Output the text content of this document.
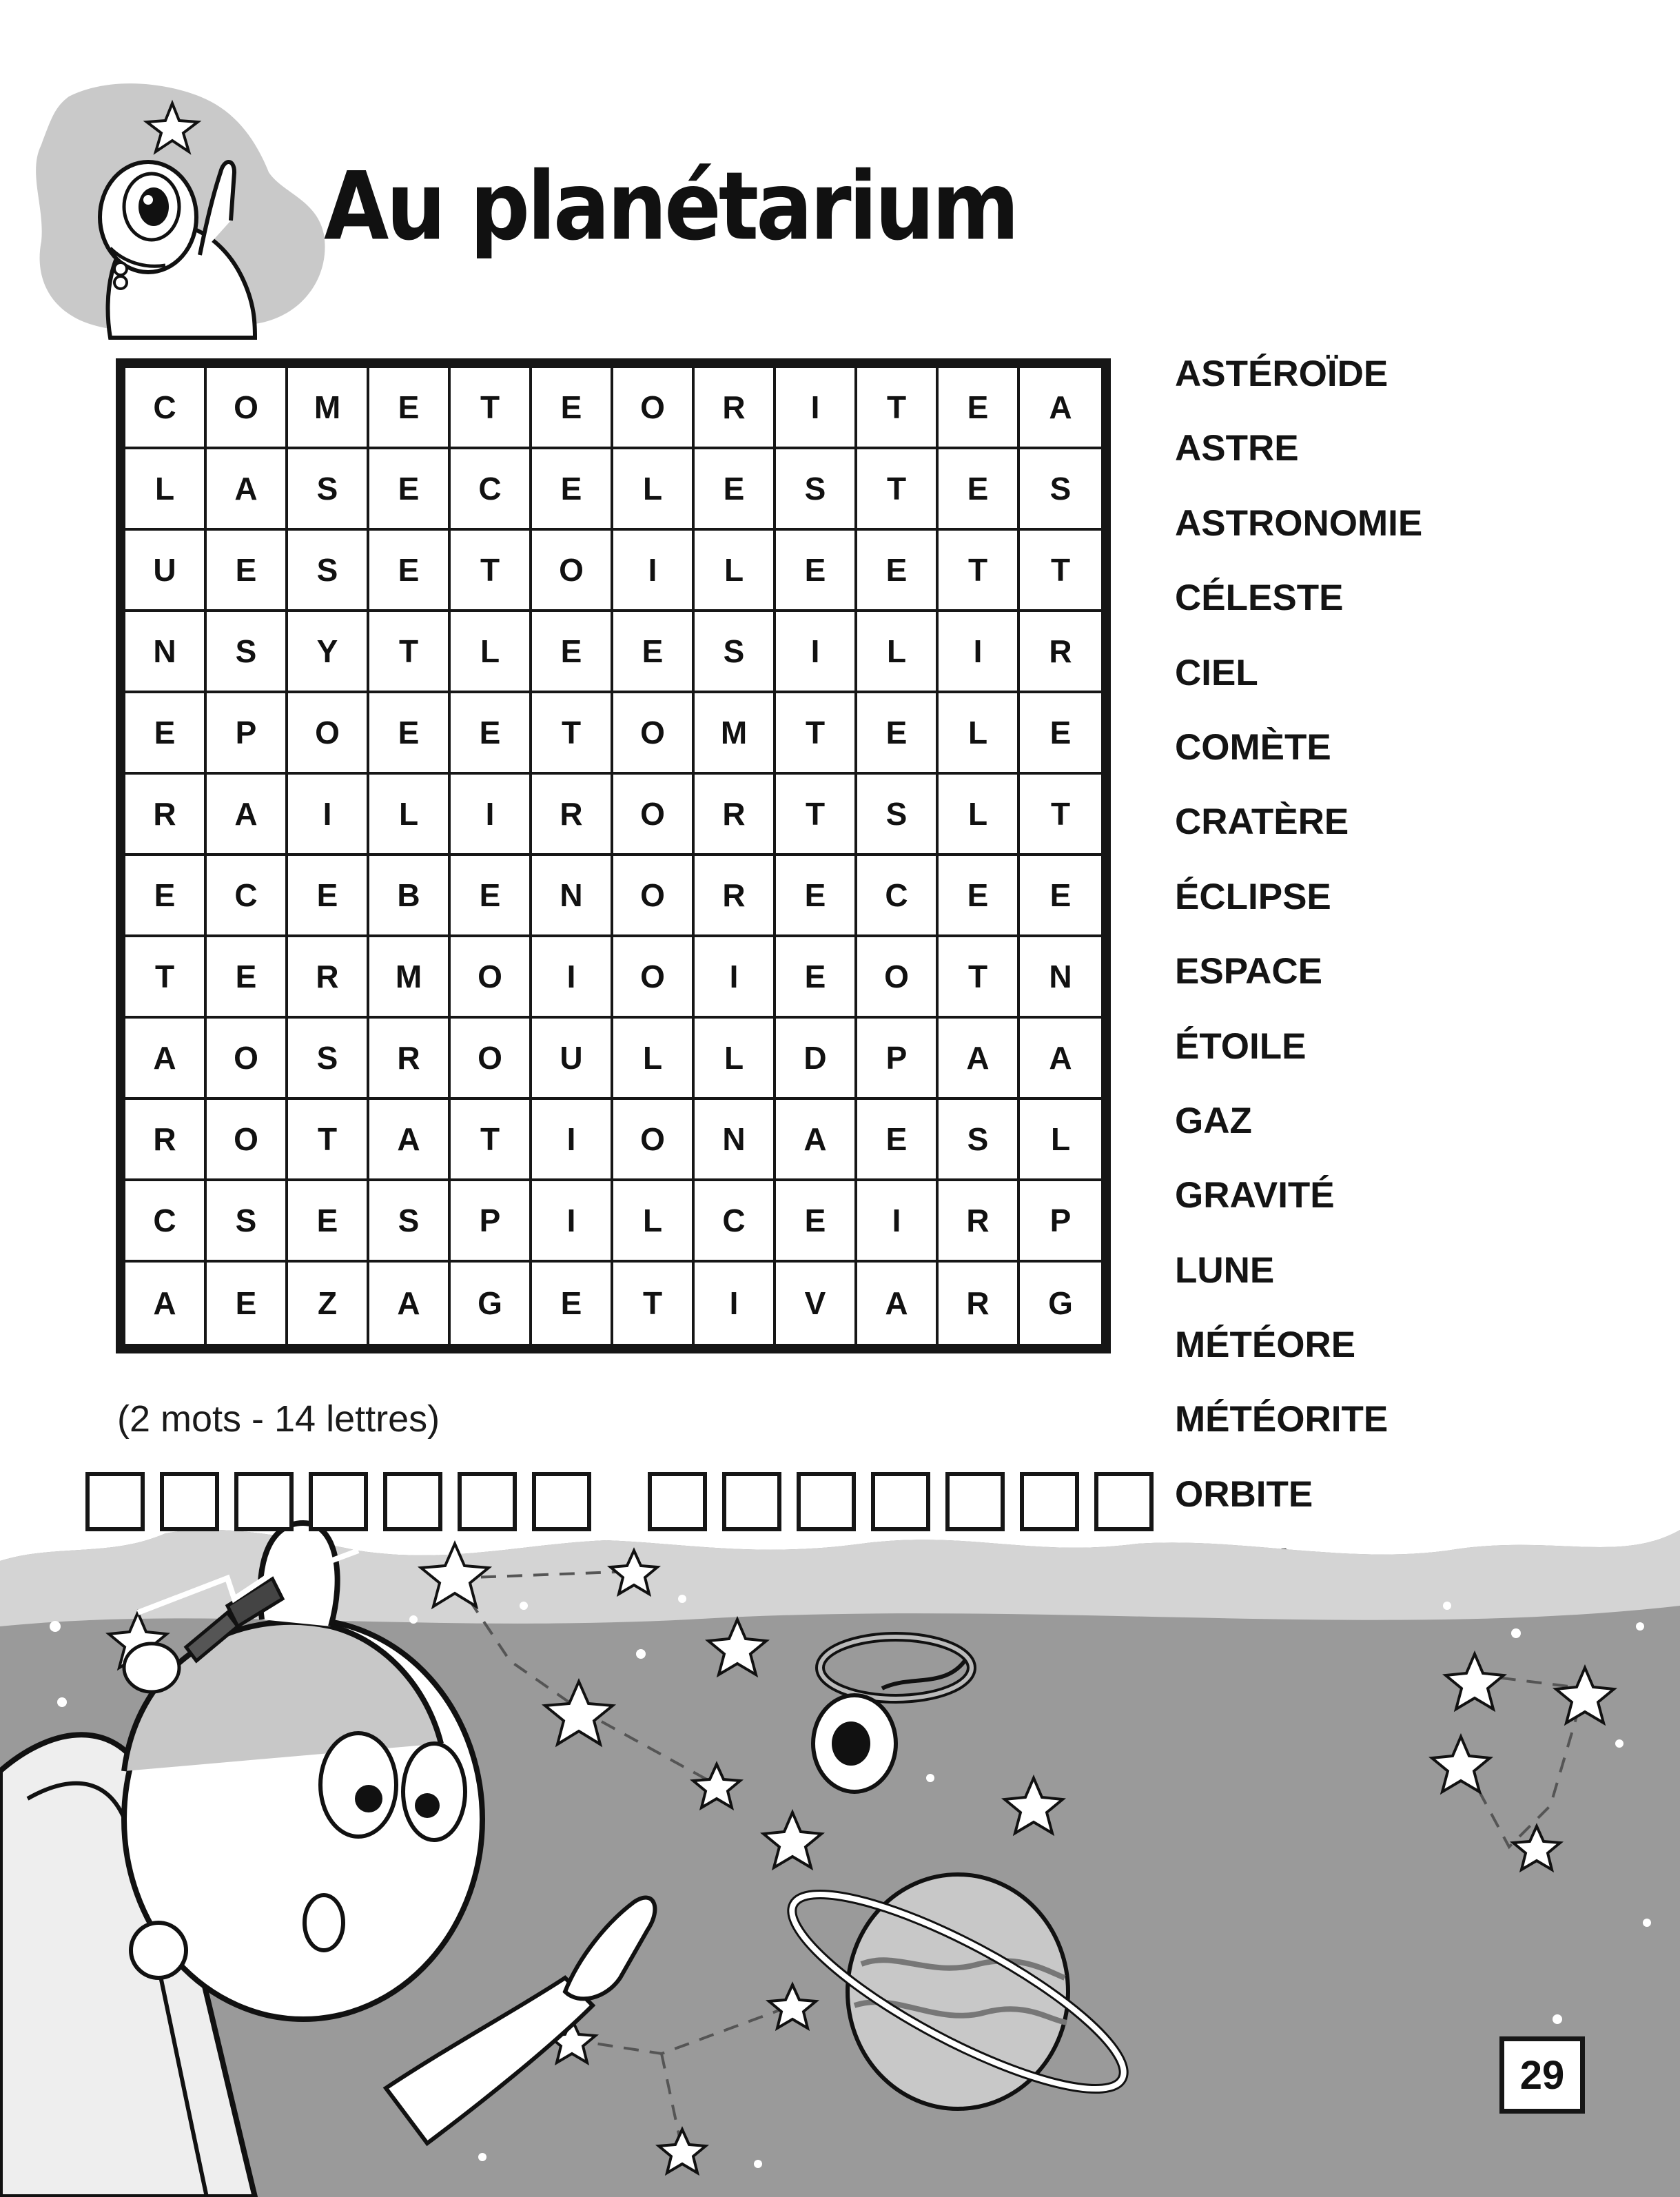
Au planétarium
C	O	M	E	T	E	O	R	I	T	E	A
L	A	S	E	C	E	L	E	S	T	E	S
U	E	S	E	T	O	I	L	E	E	T	T
N	S	Y	T	L	E	E	S	I	L	I	R
E	P	O	E	E	T	O	M	T	E	L	E
R	A	I	L	I	R	O	R	T	S	L	T
E	C	E	B	E	N	O	R	E	C	E	E
T	E	R	M	O	I	O	I	E	O	T	N
A	O	S	R	O	U	L	L	D	P	A	A
R	O	T	A	T	I	O	N	A	E	S	L
C	S	E	S	P	I	L	C	E	I	R	P
A	E	Z	A	G	E	T	I	V	A	R	G
ASTÉROÏDE
ASTRE
ASTRONOMIE
CÉLESTE
CIEL
COMÈTE
CRATÈRE
ÉCLIPSE
ESPACE
ÉTOILE
GAZ
GRAVITÉ
LUNE
MÉTÉORE
MÉTÉORITE
ORBITE
(2 mots - 14 lettres)
29
